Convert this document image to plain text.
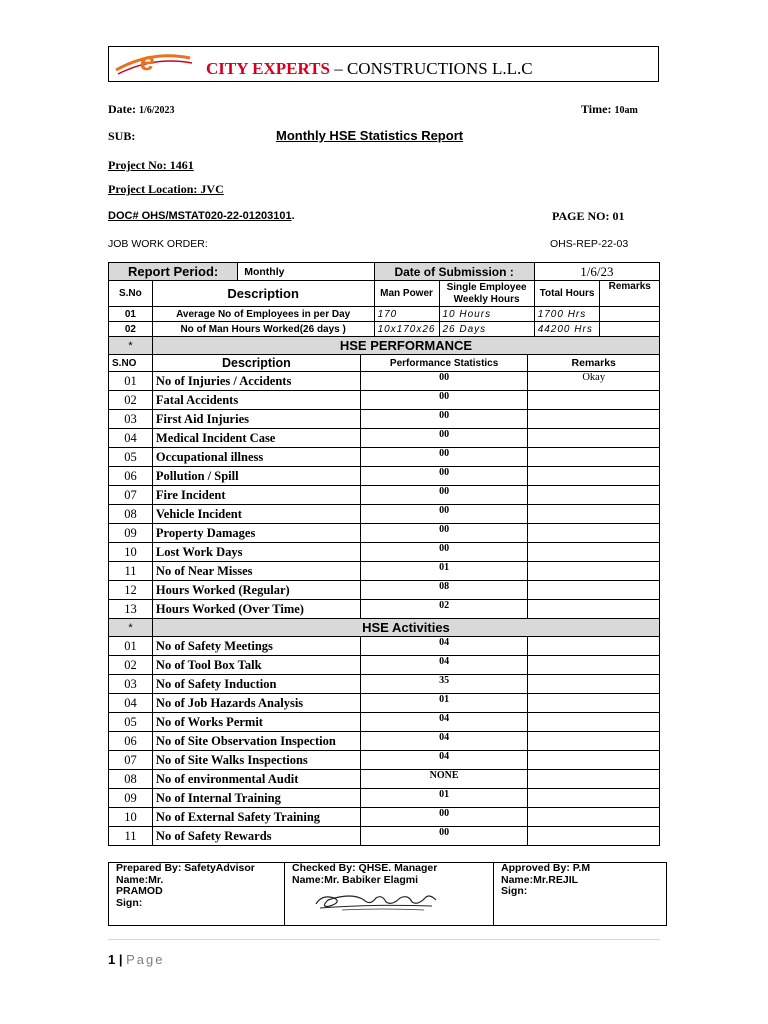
e	CITY EXPERTS – CONSTRUCTIONS L.L.C
Date: 1/6/2023	Time: 10am
SUB:	Monthly HSE Statistics Report
Project No: 1461
Project Location: JVC
DOC# OHS/MSTAT020-22-01203101.	PAGE NO: 01
JOB WORK ORDER:	OHS-REP-22-03
Report Period:		Monthly	Date of Submission :		1/6/23	
S.No	Description		Man Power	Single Employee Weekly Hours	Total Hours	Remarks
01	Average No of Employees in per Day		170	10 Hours	1700 Hrs	
02	No of Man Hours Worked(26 days )		10x170x26	26 Days	44200 Hrs	
*	HSE PERFORMANCE		
S.NO	Description	Performance Statistics	Remarks
01	No of Injuries / Accidents	00	Okay
02	Fatal Accidents	00	
03	First Aid Injuries	00	
04	Medical Incident Case	00	
05	Occupational illness	00	
06	Pollution / Spill	00	
07	Fire Incident	00	
08	Vehicle Incident	00	
09	Property Damages	00	
10	Lost Work Days	00	
11	No of Near Misses	01	
12	Hours Worked (Regular)	08	
13	Hours Worked (Over Time)	02	
*	HSE Activities		
01	No of Safety Meetings	04	
02	No of Tool Box Talk	04	
03	No of Safety Induction	35	
04	No of Job Hazards Analysis	01	
05	No of Works Permit	04	
06	No of Site Observation Inspection	04	
07	No of Site Walks Inspections	04	
08	No of environmental Audit	NONE	
09	No of Internal Training	01	
10	No of External Safety Training	00	
11	No of Safety Rewards	00	
Prepared By: SafetyAdvisor
Name:Mr.
PRAMOD
Sign:
Checked By: QHSE. Manager
Name:Mr. Babiker Elagmi
Approved By: P.M
Name:Mr.REJIL
Sign:
1 | Page
